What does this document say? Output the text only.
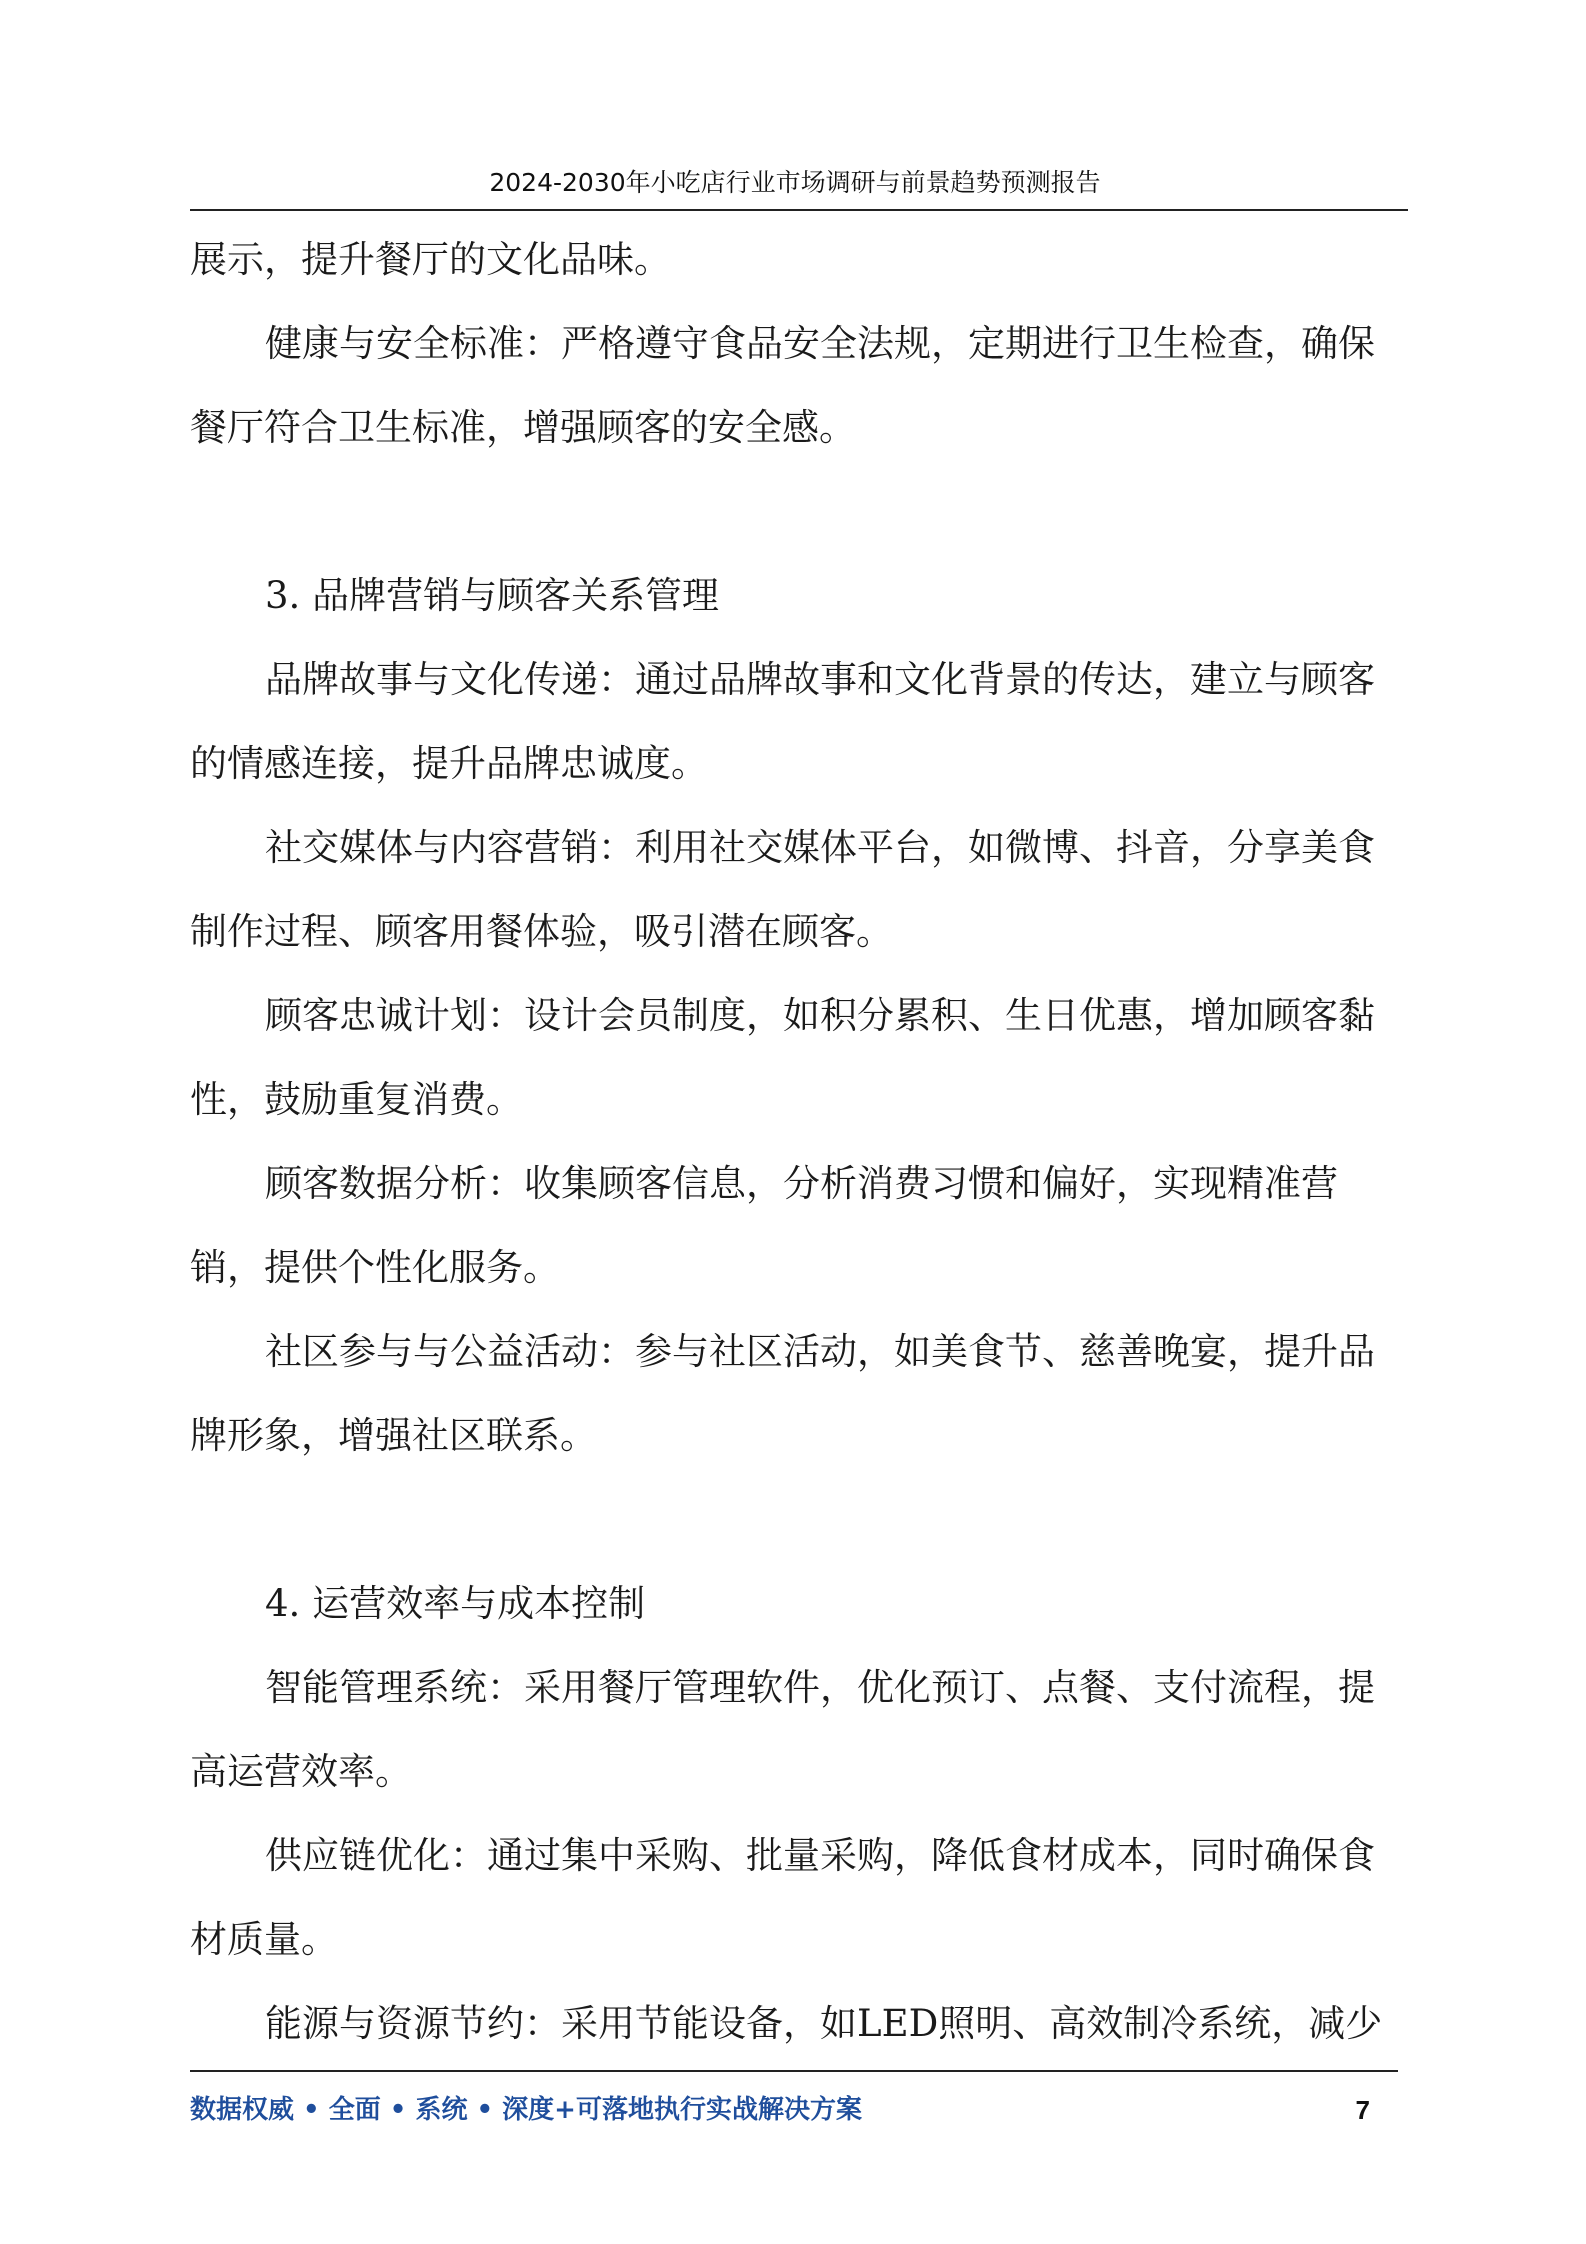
2024-2030年小吃店行业市场调研与前景趋势预测报告

展示，提升餐厅的文化品味。

健康与安全标准：严格遵守食品安全法规，定期进行卫生检查，确保餐厅符合卫生标准，增强顾客的安全感。

3. 品牌营销与顾客关系管理

品牌故事与文化传递：通过品牌故事和文化背景的传达，建立与顾客的情感连接，提升品牌忠诚度。

社交媒体与内容营销：利用社交媒体平台，如微博、抖音，分享美食制作过程、顾客用餐体验，吸引潜在顾客。

顾客忠诚计划：设计会员制度，如积分累积、生日优惠，增加顾客黏性，鼓励重复消费。

顾客数据分析：收集顾客信息，分析消费习惯和偏好，实现精准营销，提供个性化服务。

社区参与与公益活动：参与社区活动，如美食节、慈善晚宴，提升品牌形象，增强社区联系。

4. 运营效率与成本控制

智能管理系统：采用餐厅管理软件，优化预订、点餐、支付流程，提高运营效率。

供应链优化：通过集中采购、批量采购，降低食材成本，同时确保食材质量。

能源与资源节约：采用节能设备，如LED照明、高效制冷系统，减少

数据权威 • 全面 • 系统 • 深度+可落地执行实战解决方案	7
